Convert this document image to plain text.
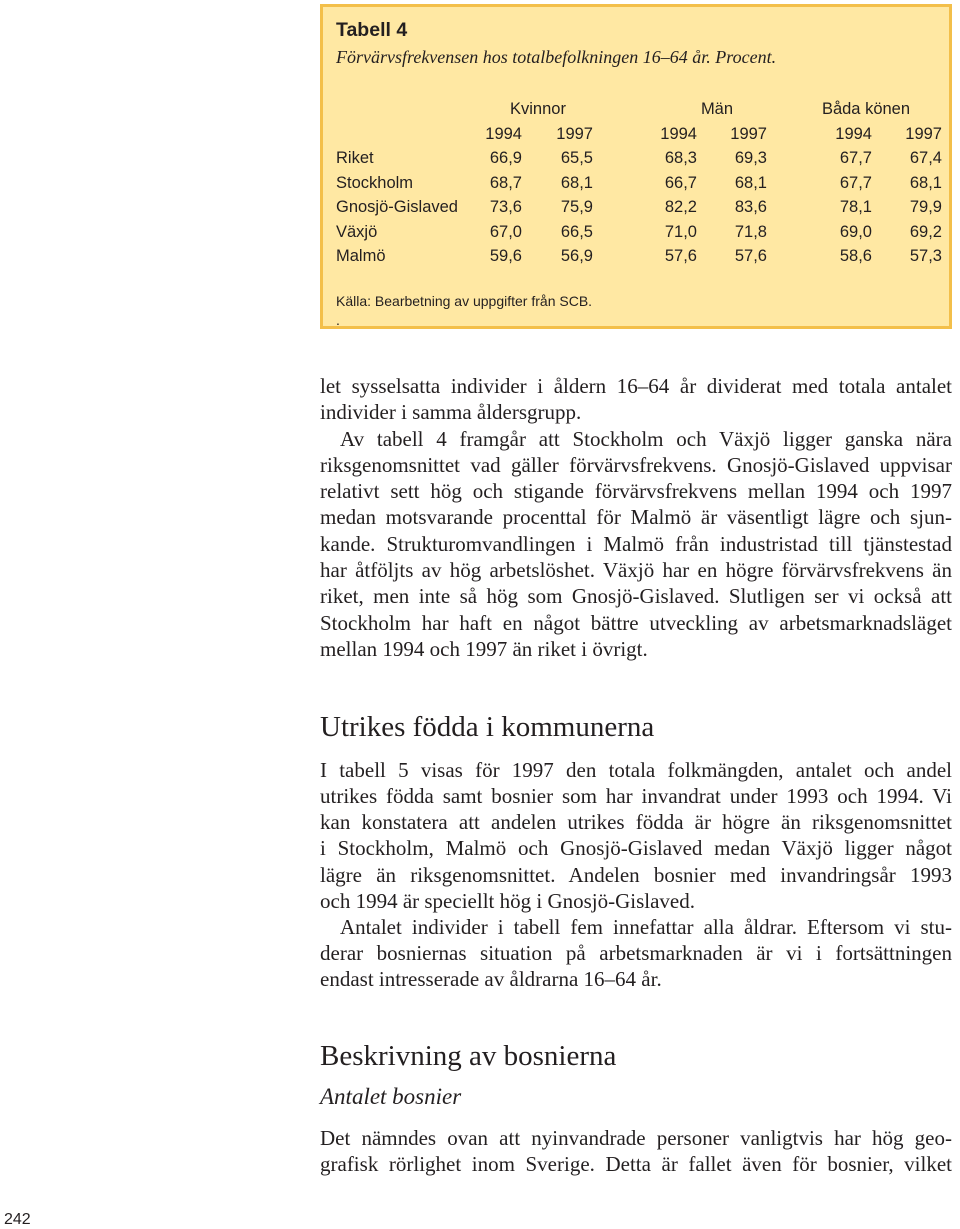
Tabell 4
Förvärvsfrekvensen hos totalbefolkningen 16–64 år. Procent.
Kvinnor	Män	Båda könen
1994	1997	1994	1997	1994	1997
Riket	66,9	65,5	68,3	69,3	67,7	67,4
Stockholm	68,7	68,1	66,7	68,1	67,7	68,1
Gnosjö-Gislaved	73,6	75,9	82,2	83,6	78,1	79,9
Växjö	67,0	66,5	71,0	71,8	69,0	69,2
Malmö	59,6	56,9	57,6	57,6	58,6	57,3
Källa: Bearbetning av uppgifter från SCB.
.
let sysselsatta individer i åldern 16–64 år dividerat med totala antalet
individer i samma åldersgrupp.
Av tabell 4 framgår att Stockholm och Växjö ligger ganska nära
riksgenomsnittet vad gäller förvärvsfrekvens. Gnosjö-Gislaved uppvisar
relativt sett hög och stigande förvärvsfrekvens mellan 1994 och 1997
medan motsvarande procenttal för Malmö är väsentligt lägre och sjun-
kande. Strukturomvandlingen i Malmö från industristad till tjänstestad
har åtföljts av hög arbetslöshet. Växjö har en högre förvärvsfrekvens än
riket, men inte så hög som Gnosjö-Gislaved. Slutligen ser vi också att
Stockholm har haft en något bättre utveckling av arbetsmarknadsläget
mellan 1994 och 1997 än riket i övrigt.
Utrikes födda i kommunerna
I tabell 5 visas för 1997 den totala folkmängden, antalet och andel
utrikes födda samt bosnier som har invandrat under 1993 och 1994. Vi
kan konstatera att andelen utrikes födda är högre än riksgenomsnittet
i Stockholm, Malmö och Gnosjö-Gislaved medan Växjö ligger något
lägre än riksgenomsnittet. Andelen bosnier med invandringsår 1993
och 1994 är speciellt hög i Gnosjö-Gislaved.
Antalet individer i tabell fem innefattar alla åldrar. Eftersom vi stu-
derar bosniernas situation på arbetsmarknaden är vi i fortsättningen
endast intresserade av åldrarna 16–64 år.
Beskrivning av bosnierna
Antalet bosnier
Det nämndes ovan att nyinvandrade personer vanligtvis har hög geo-
grafisk rörlighet inom Sverige. Detta är fallet även för bosnier, vilket
242
